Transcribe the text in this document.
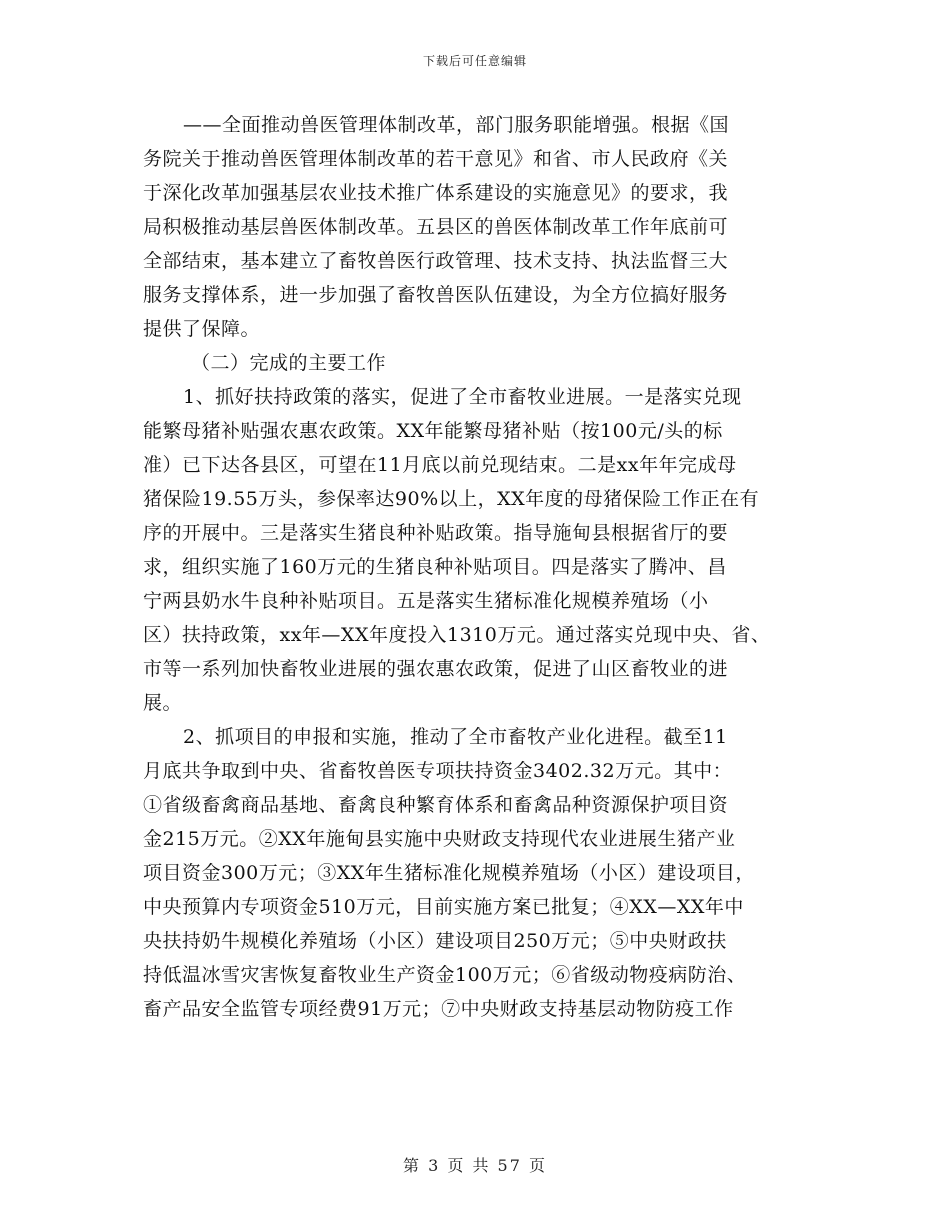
下载后可任意编辑
——全面推动兽医管理体制改革，部门服务职能增强。根据《国
务院关于推动兽医管理体制改革的若干意见》和省、市人民政府《关
于深化改革加强基层农业技术推广体系建设的实施意见》的要求，我
局积极推动基层兽医体制改革。五县区的兽医体制改革工作年底前可
全部结束，基本建立了畜牧兽医行政管理、技术支持、执法监督三大
服务支撑体系，进一步加强了畜牧兽医队伍建设，为全方位搞好服务
提供了保障。
（二）完成的主要工作
1、抓好扶持政策的落实，促进了全市畜牧业进展。一是落实兑现
能繁母猪补贴强农惠农政策。XX年能繁母猪补贴（按100元/头的标
准）已下达各县区，可望在11月底以前兑现结束。二是xx年年完成母
猪保险19.55万头，参保率达90%以上，XX年度的母猪保险工作正在有
序的开展中。三是落实生猪良种补贴政策。指导施甸县根据省厅的要
求，组织实施了160万元的生猪良种补贴项目。四是落实了腾冲、昌
宁两县奶水牛良种补贴项目。五是落实生猪标准化规模养殖场（小
区）扶持政策，xx年—XX年度投入1310万元。通过落实兑现中央、省、
市等一系列加快畜牧业进展的强农惠农政策，促进了山区畜牧业的进
展。
2、抓项目的申报和实施，推动了全市畜牧产业化进程。截至11
月底共争取到中央、省畜牧兽医专项扶持资金3402.32万元。其中：
①省级畜禽商品基地、畜禽良种繁育体系和畜禽品种资源保护项目资
金215万元。②XX年施甸县实施中央财政支持现代农业进展生猪产业
项目资金300万元；③XX年生猪标准化规模养殖场（小区）建设项目，
中央预算内专项资金510万元，目前实施方案已批复；④XX—XX年中
央扶持奶牛规模化养殖场（小区）建设项目250万元；⑤中央财政扶
持低温冰雪灾害恢复畜牧业生产资金100万元；⑥省级动物疫病防治、
畜产品安全监管专项经费91万元；⑦中央财政支持基层动物防疫工作
第 3 页 共 57 页
